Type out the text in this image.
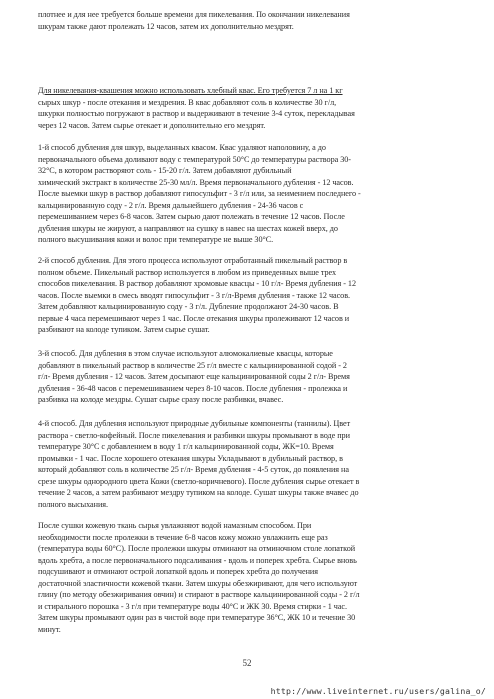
плотнее и для нее требуется больше времени для пикелевания. По окончании никелевания
шкурам также дают пролежать 12 часов, затем их дополнительно мездрят.
Для никелевания-квашения можно использовать хлебный квас. Его требуется 7 л на 1 кг
сырых шкур - после отекания и мездрения. В квас добавляют соль в количестве 30 г/л,
шкурки полностью погружают в раствор и выдерживают в течение 3-4 суток, перекладывая
через 12 часов. Затем сырье отекает и дополнительно его мездрят.
1-й способ дубления для шкур, выделанных квасом. Квас удаляют наполовину, а до
первоначального объема доливают воду с температурой 50°С до температуры раствора 30-
32°С, в котором растворяют соль - 15-20 г/л. Затем добавляют дубильный
химический экстракт в количестве 25-30 мл/л. Время первоначального дубления - 12 часов.
После выемки шкур в раствор добавляют гипосульфит - 3 г/л или, за неимением последнего -
кальцинированную соду - 2 г/л. Время дальнейшего дубления - 24-36 часов с
перемешиванием через 6-8 часов. Затем сырью дают полежать в течение 12 часов. После
дубления шкуры не жируют, а направляют на сушку в навес на шестах кожей вверх, до
полного высушивания кожи и волос при температуре не выше 30°С.
2-й способ дубления. Для этого процесса используют отработанный пикельный раствор в
полном объеме. Пикельный раствор используется в любом из приведенных выше трех
способов пикелевания. В раствор добавляют хромовые квасцы - 10 г/л- Время дубления - 12
часов. После выемки в смесь вводят гипосульфит - 3 г/л-Время дубления - также 12 часов.
Затем добавляют кальцинированную соду - 3 г/л. Дубление продолжают 24-30 часов. В
первые 4 часа перемешивают через 1 час. После отекания шкуры пролеживают 12 часов и
разбивают на колоде тупиком. Затем сырье сушат.
3-й способ. Для дубления в этом случае используют алюмокалиевые квасцы, которые
добавляют в пикельный раствор в количестве 25 г/л вместе с кальцинированной содой - 2
г/л- Время дубления - 12 часов. Затем досыпают еще кальцинированной соды 2 г/л- Время
дубления - 36-48 часов с перемешиванием через 8-10 часов. После дубления - пролежка и
разбивка на колоде мездры. Сушат сырье сразу после разбивки, вчавес.
4-й способ. Для дубления используют природные дубильные компоненты (таннилы). Цвет
раствора - светло-кофейный. После пикелевания и разбивки шкуры промывают в воде при
температуре 30°С с добавлением в воду 1 г/л кальцинированной соды, ЖК=10. Время
промывки - 1 час. После хорошего отекания шкуры Укладывают в дубильный раствор, в
который добавляют соль в количестве 25 г/л- Время дубления - 4-5 суток, до появления на
срезе шкуры однородного цвета Кожи (светло-коричневого). После дубления сырье отекает в
течение 2 часов, а затем разбивают мездру тупиком на колоде. Сушат шкуры также вчавес до
полного высыхания.
После сушки кожевую ткань сырья увлажняют водой намазным способом. При
необходимости после пролежки в течение 6-8 часов кожу можно увлажнить еще раз
(температура воды 60°С). После пролежки шкуры отминают на отминочном столе лопаткой
вдоль хребта, а после первоначального подсаливания - вдоль и поперек хребта. Сырье вновь
подсушивают и отминают острой лопаткой вдоль и поперек хребта до получения
достаточной эластичности кожевой ткани. Затем шкуры обезжиривают, для чего используют
глину (по методу обезжиривания овчин) и стирают в растворе кальцинированной соды - 2 г/л
и стирального порошка - 3 г/л при температуре воды 40°С и ЖК 30. Время стирки - 1 час.
Затем шкуры промывают один раз в чистой воде при температуре 36°С, ЖК 10 и течение 30
минут.
52
http://www.liveinternet.ru/users/galina_o/
